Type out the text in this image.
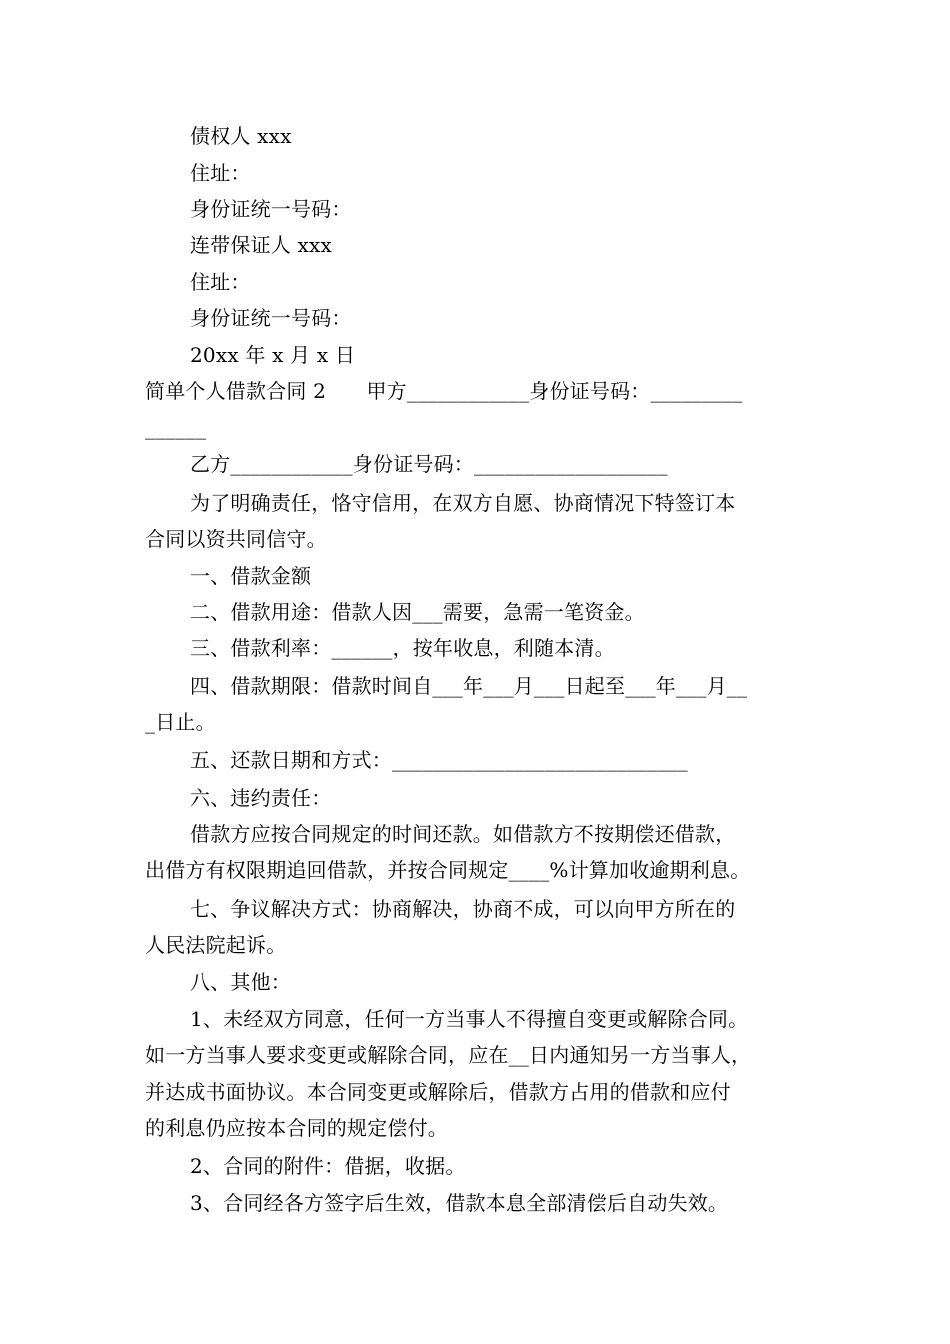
债权人 xxx
住址：
身份证统一号码：
连带保证人 xxx
住址：
身份证统一号码：
20xx 年 x 月 x 日
简单个人借款合同 2　　甲方____________身份证号码：_________
______
乙方____________身份证号码：___________________
为了明确责任，恪守信用，在双方自愿、协商情况下特签订本
合同以资共同信守。
一、借款金额
二、借款用途：借款人因___需要，急需一笔资金。
三、借款利率：______，按年收息，利随本清。
四、借款期限：借款时间自___年___月___日起至___年___月__
_日止。
五、还款日期和方式：_____________________________
六、违约责任：
借款方应按合同规定的时间还款。如借款方不按期偿还借款，
出借方有权限期追回借款，并按合同规定____%计算加收逾期利息。
七、争议解决方式：协商解决，协商不成，可以向甲方所在的
人民法院起诉。
八、其他：
1、未经双方同意，任何一方当事人不得擅自变更或解除合同。
如一方当事人要求变更或解除合同，应在__日内通知另一方当事人，
并达成书面协议。本合同变更或解除后，借款方占用的借款和应付
的利息仍应按本合同的规定偿付。
2、合同的附件：借据，收据。
3、合同经各方签字后生效，借款本息全部清偿后自动失效。
